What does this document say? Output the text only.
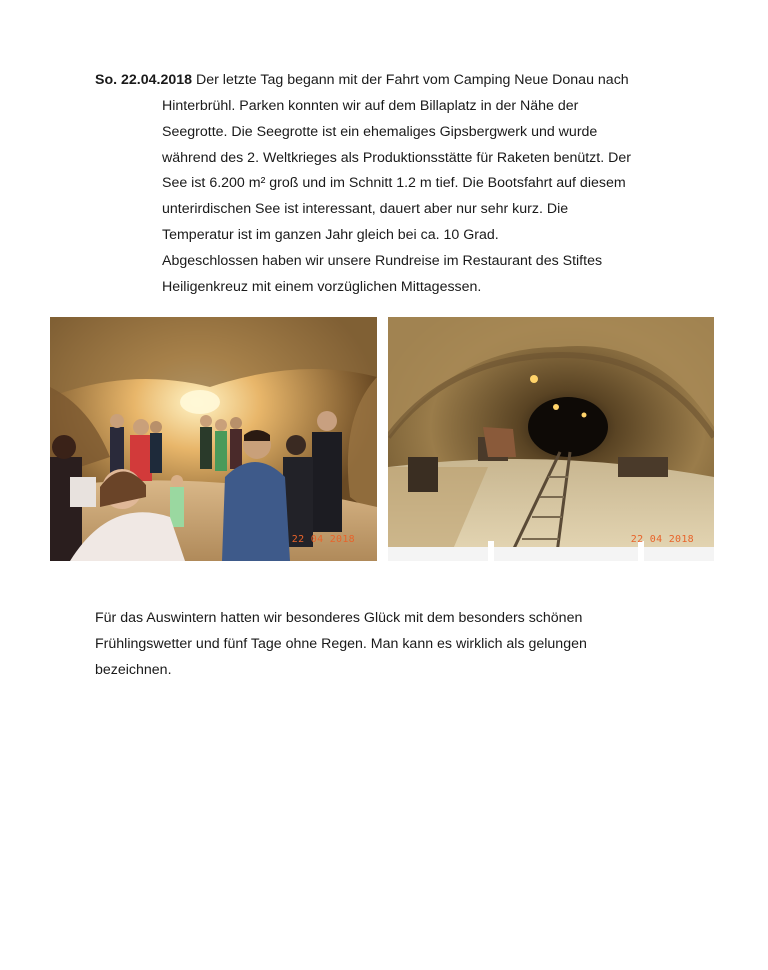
So. 22.04.2018 Der letzte Tag begann mit der Fahrt vom Camping Neue Donau nach

Hinterbrühl. Parken konnten wir auf dem Billaplatz in der Nähe der
Seegrotte. Die Seegrotte ist ein ehemaliges Gipsbergwerk und wurde
während des 2. Weltkrieges als Produktionsstätte für Raketen benützt. Der
See ist 6.200 m² groß und im Schnitt 1.2 m tief. Die Bootsfahrt auf diesem
unterirdischen See ist interessant, dauert aber nur sehr kurz. Die
Temperatur ist im ganzen Jahr gleich bei ca. 10 Grad.
Abgeschlossen haben wir unsere Rundreise im Restaurant des Stiftes
Heiligenkreuz mit einem vorzüglichen Mittagessen.

22 04 2018	22 04 2018

Für das Auswintern hatten wir besonderes Glück mit dem besonders schönen
Frühlingswetter und fünf Tage ohne Regen. Man kann es wirklich als gelungen
bezeichnen.
